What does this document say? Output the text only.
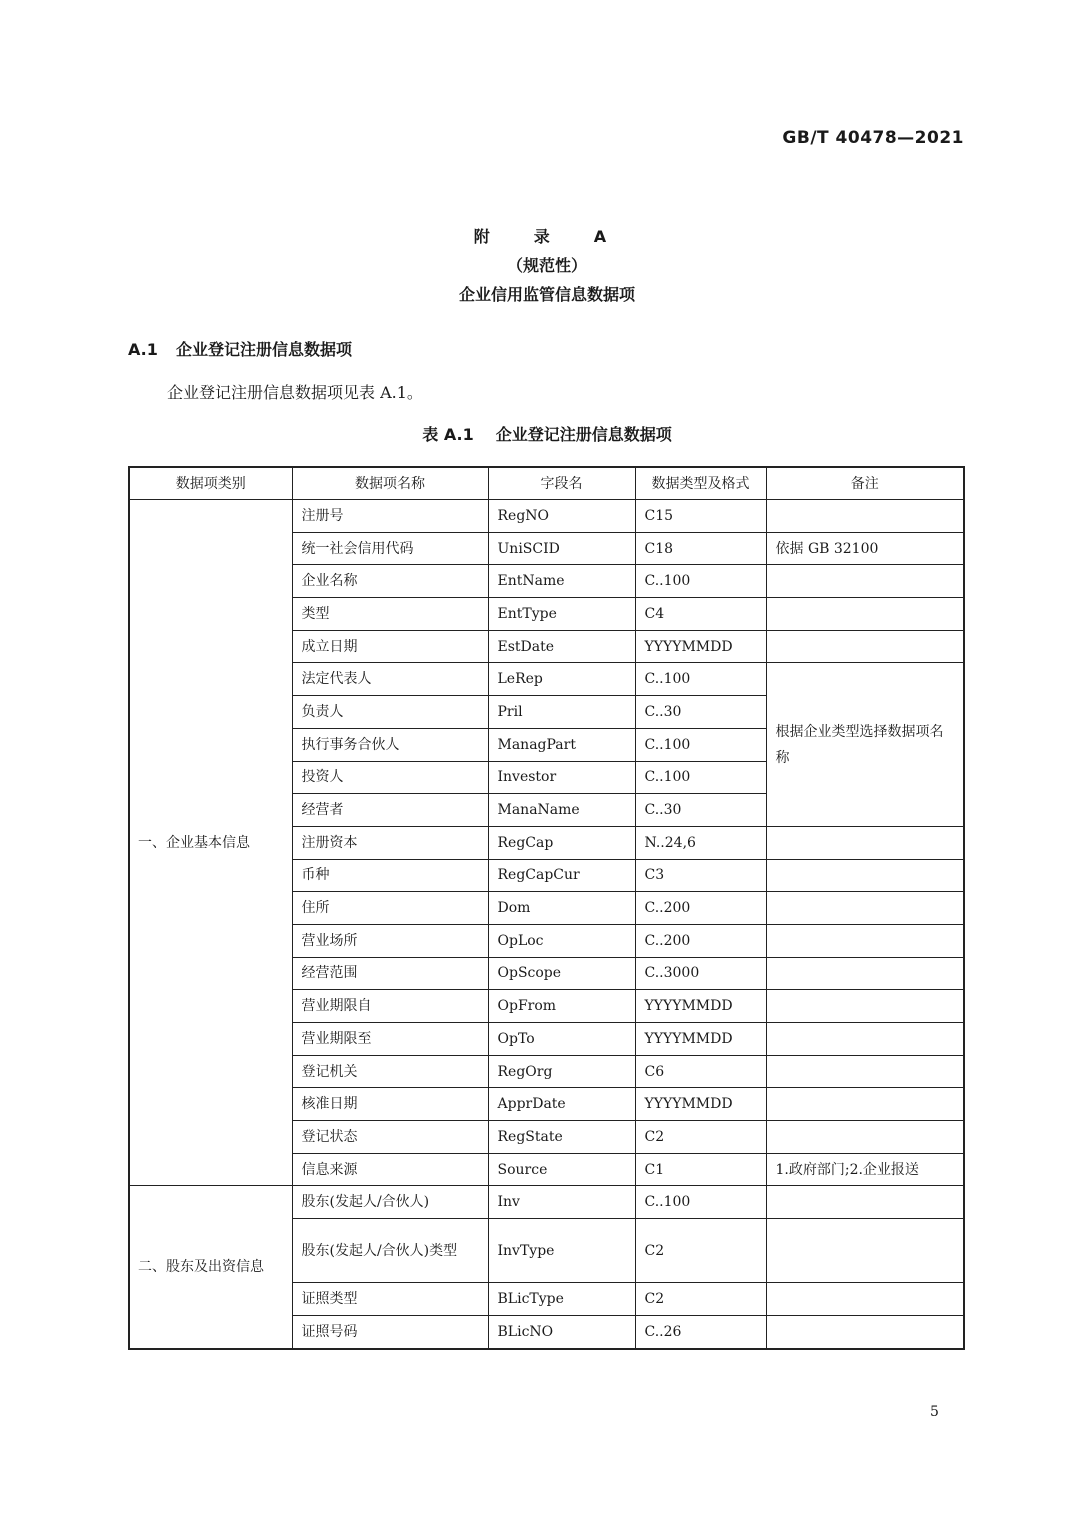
GB/T 40478—2021
附　录　A
（规范性）
企业信用监管信息数据项
A.1 企业登记注册信息数据项
企业登记注册信息数据项见表 A.1。
表 A.1 企业登记注册信息数据项
数据项类别	数据项名称	字段名	数据类型及格式	备注
一、企业基本信息	注册号	RegNO	C15	
	统一社会信用代码	UniSCID	C18	依据 GB 32100
	企业名称	EntName	C..100	
	类型	EntType	C4	
	成立日期	EstDate	YYYYMMDD	
	法定代表人	LeRep	C..100	根据企业类型选择数据项名称
	负责人	Pril	C..30	
	执行事务合伙人	ManagPart	C..100	
	投资人	Investor	C..100	
	经营者	ManaName	C..30	
	注册资本	RegCap	N..24,6	
	币种	RegCapCur	C3	
	住所	Dom	C..200	
	营业场所	OpLoc	C..200	
	经营范围	OpScope	C..3000	
	营业期限自	OpFrom	YYYYMMDD	
	营业期限至	OpTo	YYYYMMDD	
	登记机关	RegOrg	C6	
	核准日期	ApprDate	YYYYMMDD	
	登记状态	RegState	C2	
	信息来源	Source	C1	1.政府部门;2.企业报送
二、股东及出资信息	股东(发起人/合伙人)	Inv	C..100	
	股东(发起人/合伙人)类型	InvType	C2	
	证照类型	BLicType	C2	
	证照号码	BLicNO	C..26	
5
